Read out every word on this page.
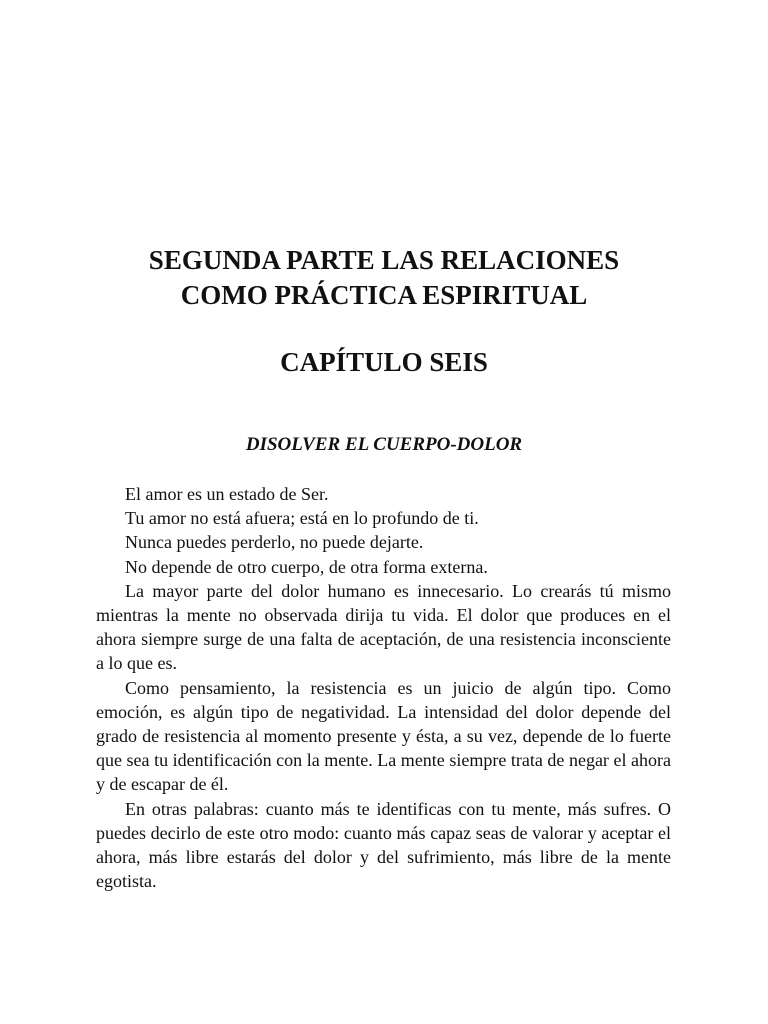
SEGUNDA PARTE LAS RELACIONES
COMO PRÁCTICA ESPIRITUAL
CAPÍTULO SEIS
DISOLVER EL CUERPO-DOLOR

El amor es un estado de Ser.

Tu amor no está afuera; está en lo profundo de ti.

Nunca puedes perderlo, no puede dejarte.

No depende de otro cuerpo, de otra forma externa.

La mayor parte del dolor humano es innecesario. Lo crearás tú mismo mientras la mente no observada dirija tu vida. El dolor que produces en el ahora siempre surge de una falta de aceptación, de una resistencia inconsciente a lo que es.

Como pensamiento, la resistencia es un juicio de algún tipo. Como emoción, es algún tipo de negatividad. La intensidad del dolor depende del grado de resistencia al momento presente y ésta, a su vez, depende de lo fuerte que sea tu identificación con la mente. La mente siempre trata de negar el ahora y de escapar de él.

En otras palabras: cuanto más te identificas con tu mente, más sufres. O puedes decirlo de este otro modo: cuanto más capaz seas de valorar y aceptar el ahora, más libre estarás del dolor y del sufrimiento, más libre de la mente egotista.
